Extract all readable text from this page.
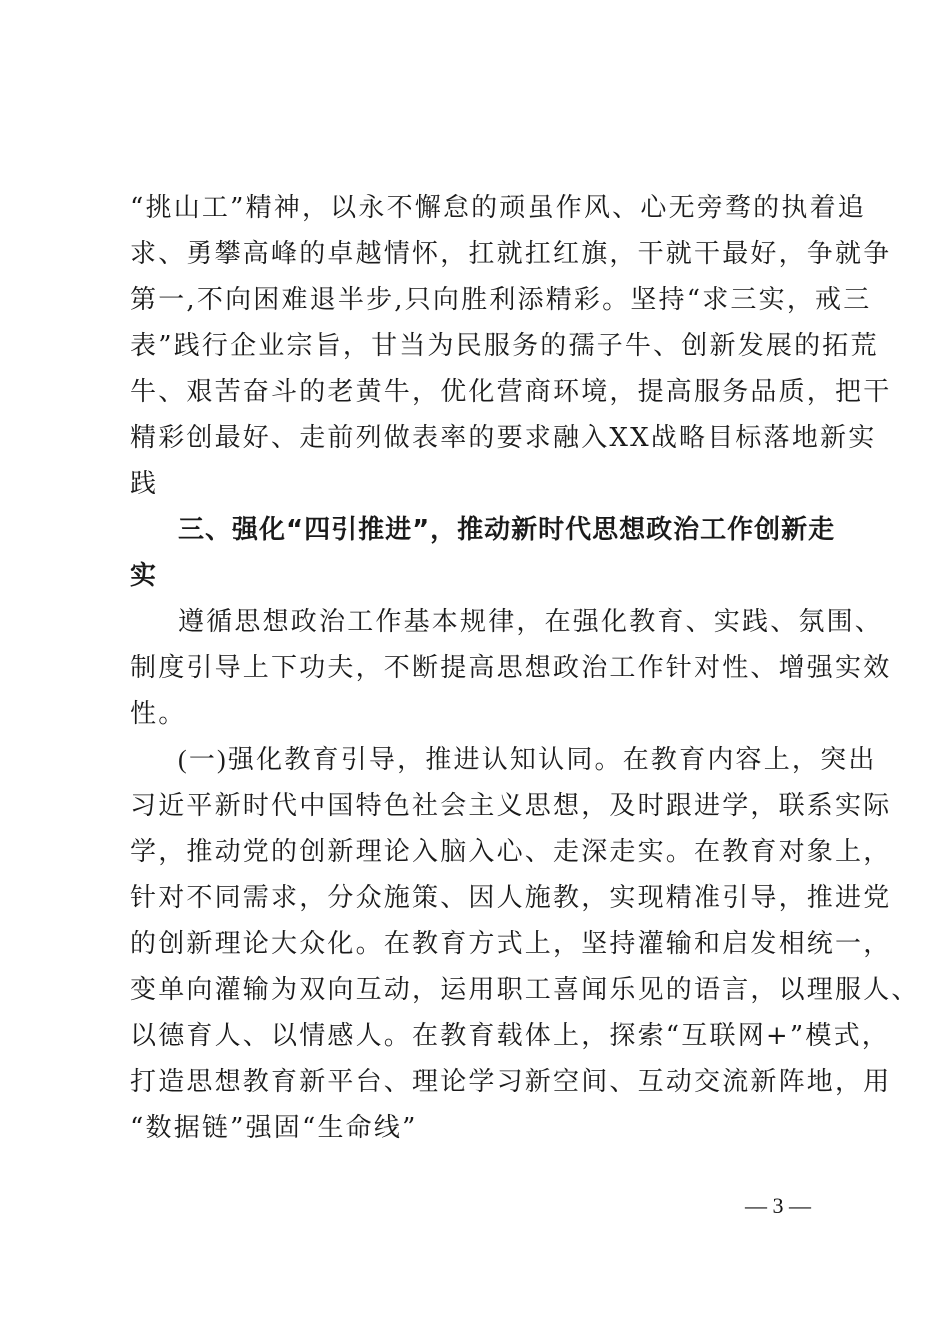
“挑山工”精神，以永不懈怠的顽虽作风、心无旁骛的执着追
求、勇攀高峰的卓越情怀，扛就扛红旗，干就干最好，争就争
第一,不向困难退半步,只向胜利添精彩。坚持“求三实，戒三
表”践行企业宗旨，甘当为民服务的孺子牛、创新发展的拓荒
牛、艰苦奋斗的老黄牛，优化营商环境，提高服务品质，把干
精彩创最好、走前列做表率的要求融入XX战略目标落地新实
践
三、强化“四引推进”，推动新时代思想政治工作创新走
实
遵循思想政治工作基本规律，在强化教育、实践、氛围、
制度引导上下功夫，不断提高思想政治工作针对性、增强实效
性。
(一)强化教育引导，推进认知认同。在教育内容上，突出
习近平新时代中国特色社会主义思想，及时跟进学，联系实际
学，推动党的创新理论入脑入心、走深走实。在教育对象上，
针对不同需求，分众施策、因人施教，实现精准引导，推进党
的创新理论大众化。在教育方式上，坚持灌输和启发相统一，
变单向灌输为双向互动，运用职工喜闻乐见的语言，以理服人、
以德育人、以情感人。在教育载体上，探索“互联网+”模式，
打造思想教育新平台、理论学习新空间、互动交流新阵地，用
“数据链”强固“生命线”
— 3 —
